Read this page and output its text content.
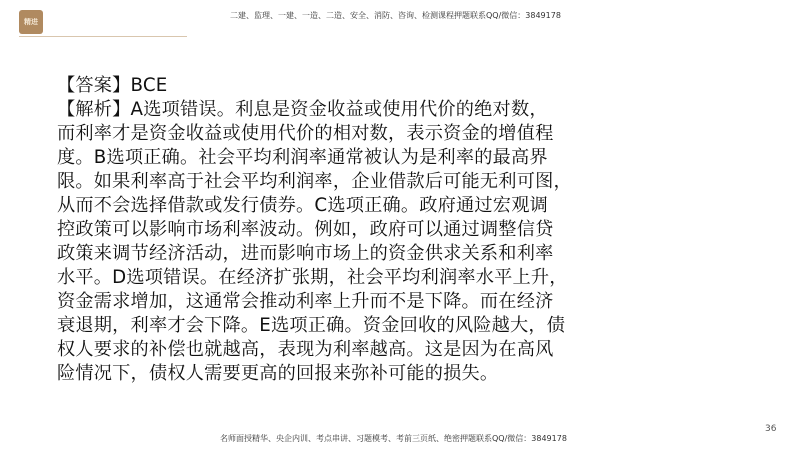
精进
二建、监理、一建、一造、二造、安全、消防、咨询、检测课程押题联系QQ/微信：3849178
【答案】BCE
【解析】A选项错误。利息是资金收益或使用代价的绝对数，
而利率才是资金收益或使用代价的相对数，表示资金的增值程
度。B选项正确。社会平均利润率通常被认为是利率的最高界
限。如果利率高于社会平均利润率，企业借款后可能无利可图，
从而不会选择借款或发行债券。C选项正确。政府通过宏观调
控政策可以影响市场利率波动。例如，政府可以通过调整信贷
政策来调节经济活动，进而影响市场上的资金供求关系和利率
水平。D选项错误。在经济扩张期，社会平均利润率水平上升，
资金需求增加，这通常会推动利率上升而不是下降。而在经济
衰退期，利率才会下降。E选项正确。资金回收的风险越大，债
权人要求的补偿也就越高，表现为利率越高。这是因为在高风
险情况下，债权人需要更高的回报来弥补可能的损失。
36
名师面授精华、央企内训、考点串讲、习题模考、考前三页纸、绝密押题联系QQ/微信：3849178
